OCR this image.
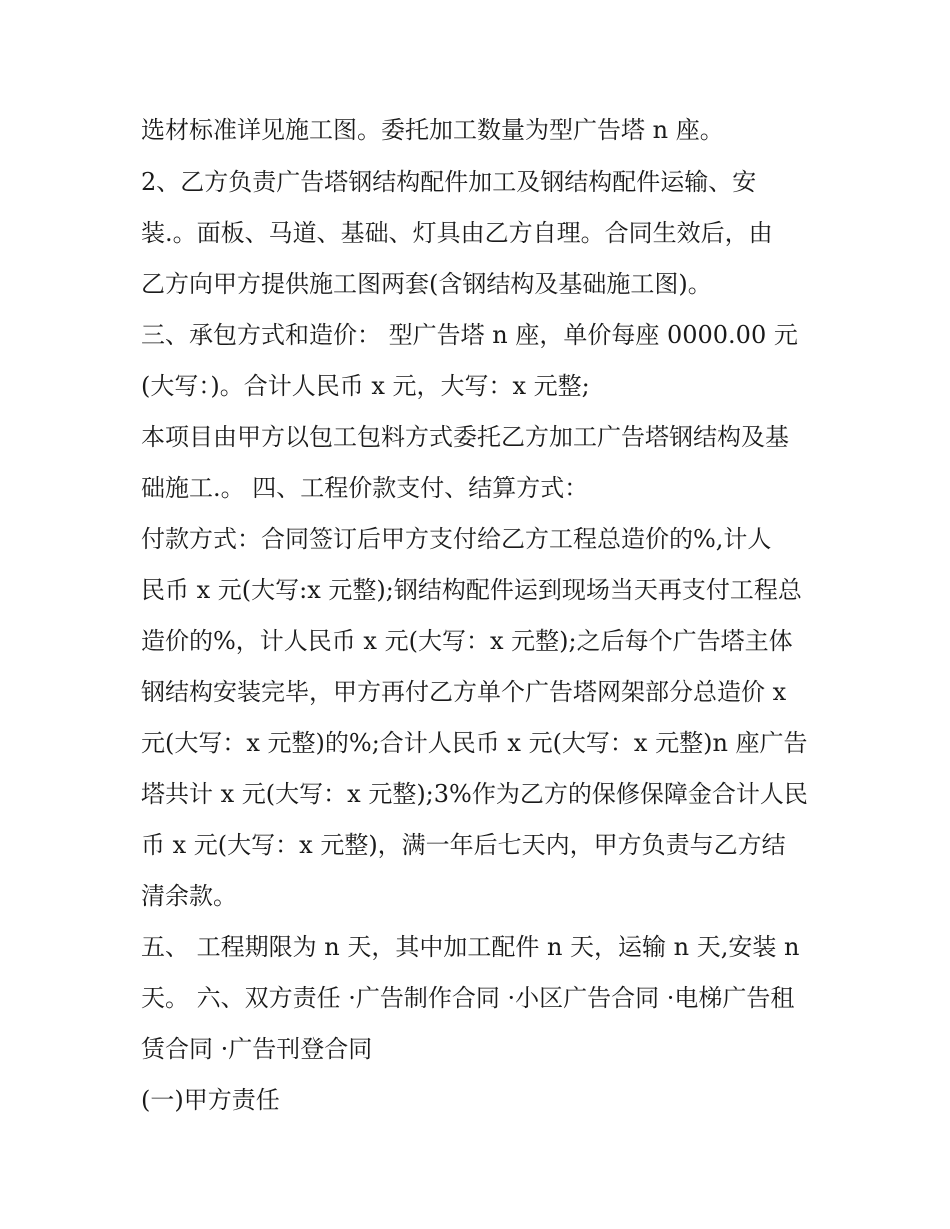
选材标准详见施工图。委托加工数量为型广告塔 n 座。
2、乙方负责广告塔钢结构配件加工及钢结构配件运输、安
装.。面板、马道、基础、灯具由乙方自理。合同生效后，由
乙方向甲方提供施工图两套(含钢结构及基础施工图)。
三、承包方式和造价： 型广告塔 n 座，单价每座 0000.00 元
(大写：)。合计人民币 x 元，大写：x 元整;
本项目由甲方以包工包料方式委托乙方加工广告塔钢结构及基
础施工.。 四、工程价款支付、结算方式：
付款方式：合同签订后甲方支付给乙方工程总造价的%,计人
民币 x 元(大写:x 元整);钢结构配件运到现场当天再支付工程总
造价的%，计人民币 x 元(大写：x 元整);之后每个广告塔主体
钢结构安装完毕，甲方再付乙方单个广告塔网架部分总造价 x
元(大写：x 元整)的%;合计人民币 x 元(大写：x 元整)n 座广告
塔共计 x 元(大写：x 元整);3%作为乙方的保修保障金合计人民
币 x 元(大写：x 元整)，满一年后七天内，甲方负责与乙方结
清余款。
五、 工程期限为 n 天，其中加工配件 n 天，运输 n 天,安装 n
天。 六、双方责任 ·广告制作合同 ·小区广告合同 ·电梯广告租
赁合同 ·广告刊登合同
(一)甲方责任
